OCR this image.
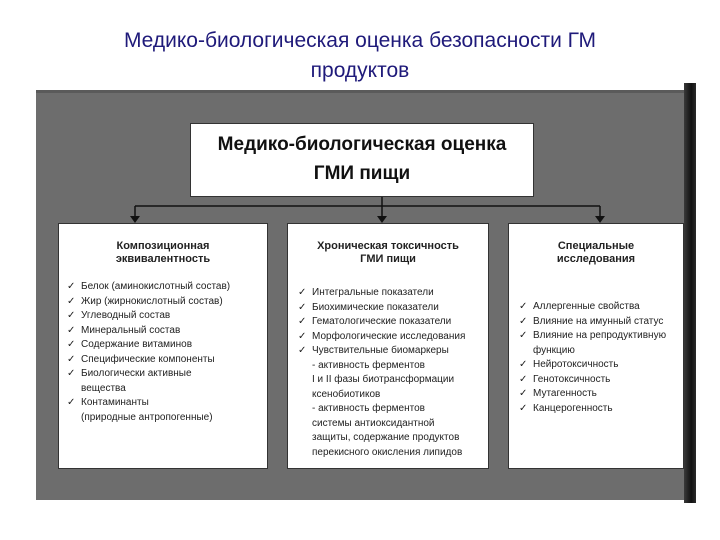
Медико-биологическая оценка безопасности ГМ
продуктов
Медико-биологическая оценка
ГМИ пищи
Композиционная
эквивалентность
✓ Белок (аминокислотный состав)
✓ Жир (жирнокислотный состав)
✓ Углеводный состав
✓ Минеральный состав
✓ Содержание витаминов
✓ Специфические компоненты
✓ Биологически активные
вещества
✓ Контаминанты
(природные антропогенные)
Хроническая токсичность
ГМИ пищи
✓ Интегральные показатели
✓ Биохимические показатели
✓ Гематологические показатели
✓ Морфологические исследования
✓ Чувствительные биомаркеры
- активность ферментов
I и II фазы биотрансформации
ксенобиотиков
- активность ферментов
системы антиоксидантной
защиты, содержание продуктов
перекисного окисления липидов
Специальные
исследования
✓ Аллергенные свойства
✓ Влияние на имунный статус
✓ Влияние на репродуктивную
функцию
✓ Нейротоксичность
✓ Генотоксичность
✓ Мутагенность
✓ Канцерогенность
